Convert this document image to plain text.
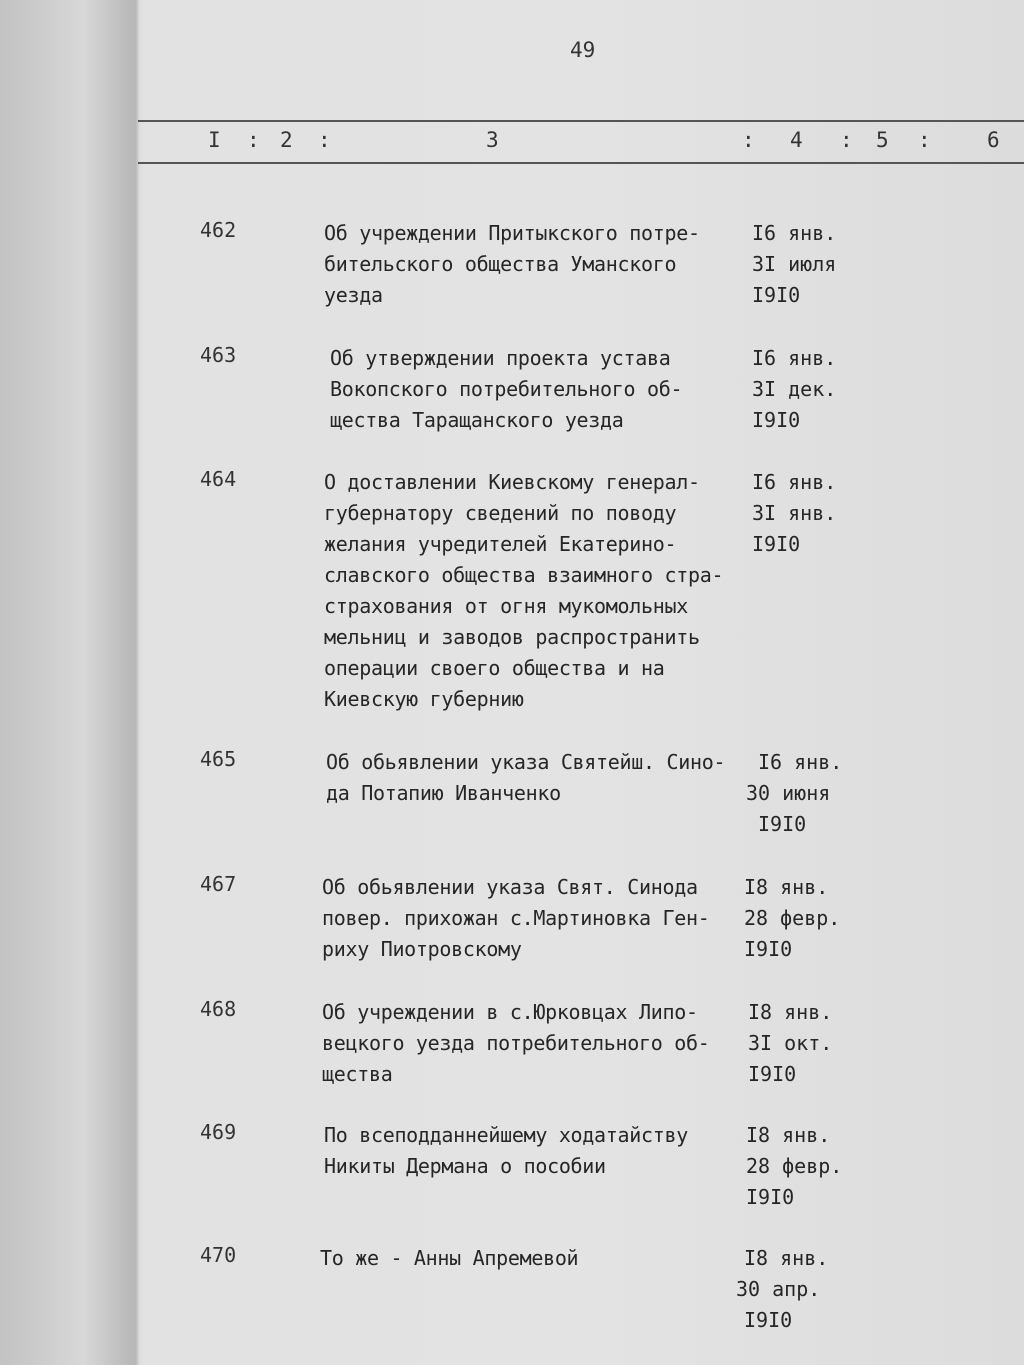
49
I : 2 :	3	: 4 : 5 :	6
462	Об учреждении Притыкского потре-
бительского общества Уманского
уезда
I6 янв.
3I июля
I9I0
463	Об утверждении проекта устава
Вокопского потребительного об-
щества Таращанского уезда
I6 янв.
3I дек.
I9I0
464	О доставлении Киевскому генерал-
губернатору сведений по поводу
желания учредителей Екатерино-
славского общества взаимного стра-
страхования от огня мукомольных
мельниц и заводов распространить
операции своего общества и на
Киевскую губернию
I6 янв.
3I янв.
I9I0
465	Об обьявлении указа Святейш. Сино-
да Потапию Иванченко
I6 янв.
30 июня
I9I0
467	Об обьявлении указа Свят. Синода
повер. прихожан с.Мартиновка Ген-
риху Пиотровскому
I8 янв.
28 февр.
I9I0
468	Об учреждении в с.Юрковцах Липо-
вецкого уезда потребительного об-
щества
I8 янв.
3I окт.
I9I0
469	По всеподданнейшему ходатайству
Никиты Дермана о пособии
I8 янв.
28 февр.
I9I0
470	То же - Анны Апремевой	I8 янв.
30 апр.
I9I0
